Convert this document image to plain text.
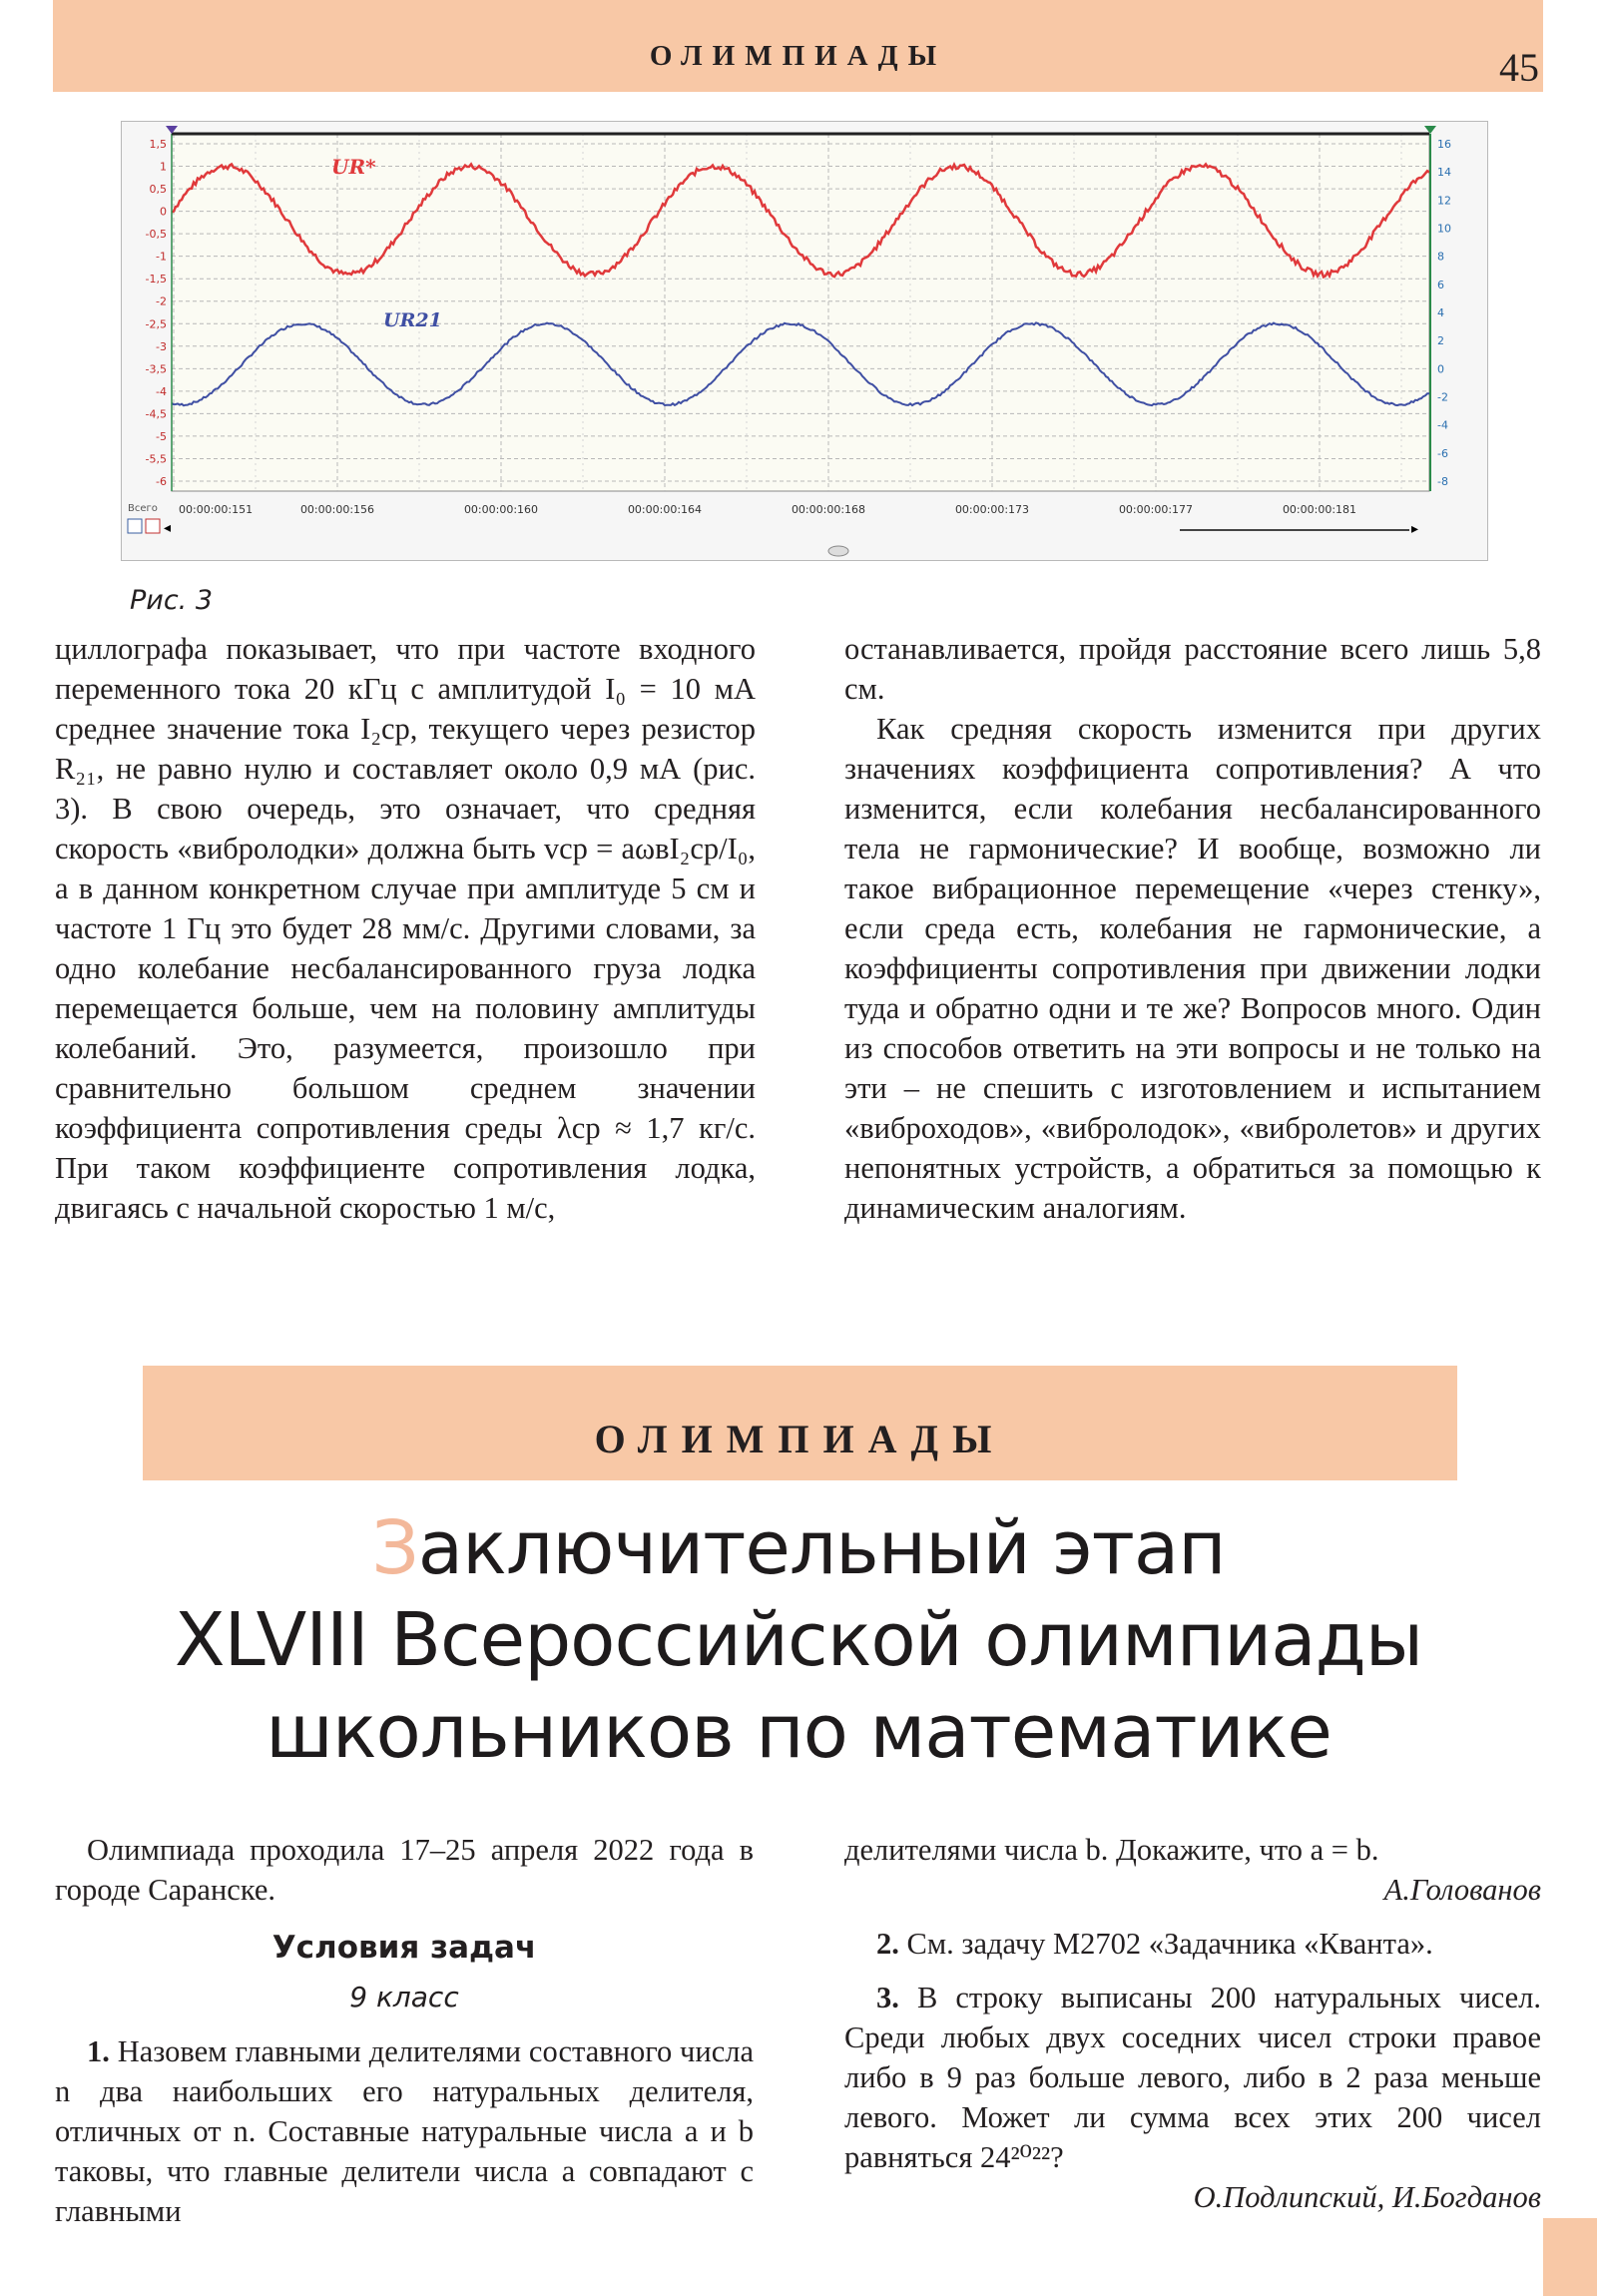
ОЛИМПИАДЫ	45
1,5
1
0,5
0
-0,5
-1
-1,5
-2
-2,5
-3
-3,5
-4
-4,5
-5
-5,5
-6
16
14
12
10
8
6
4
2
0
-2
-4
-6
-8
00:00:00:151	00:00:00:156	00:00:00:160	00:00:00:164	00:00:00:168	00:00:00:173	00:00:00:177	00:00:00:181
UR*
UR21
Всего
◂	▸
Рис. 3

циллографа показывает, что при частоте входного переменного тока 20 кГц с амплитудой I₀ = 10 мА среднее значение тока I₂ср, текущего через резистор R₂₁, не равно нулю и составляет около 0,9 мА (рис. 3). В свою очередь, это означает, что средняя скорость «вибролодки» должна быть vср = aωвI₂ср/I₀, а в данном конкретном случае при амплитуде 5 см и частоте 1 Гц это будет 28 мм/с. Другими словами, за одно колебание несбалансированного груза лодка перемещается больше, чем на половину амплитуды колебаний. Это, разумеется, произошло при сравнительно большом среднем значении коэффициента сопротивления среды λср ≈ 1,7 кг/с. При таком коэффициенте сопротивления лодка, двигаясь с начальной скоростью 1 м/с,

останавливается, пройдя расстояние всего лишь 5,8 см.

Как средняя скорость изменится при других значениях коэффициента сопротивления? А что изменится, если колебания несбалансированного тела не гармонические? И вообще, возможно ли такое вибрационное перемещение «через стенку», если среда есть, колебания не гармонические, а коэффициенты сопротивления при движении лодки туда и обратно одни и те же? Вопросов много. Один из способов ответить на эти вопросы и не только на эти – не спешить с изготовлением и испытанием «виброходов», «вибролодок», «вибролетов» и других непонятных устройств, а обратиться за помощью к динамическим аналогиям.

ОЛИМПИАДЫ
Заключительный этап
XLVIII Всероссийской олимпиады
школьников по математике

Олимпиада проходила 17–25 апреля 2022 года в городе Саранске.

Условия задач
9 класс

1. Назовем главными делителями составного числа n два наибольших его натуральных делителя, отличных от n. Составные натуральные числа a и b таковы, что главные делители числа a совпадают с главными

делителями числа b. Докажите, что a = b.

А.Голованов

2. См. задачу М2702 «Задачника «Кванта».

3. В строку выписаны 200 натуральных чисел. Среди любых двух соседних чисел строки правое либо в 9 раз больше левого, либо в 2 раза меньше левого. Может ли сумма всех этих 200 чисел равняться 24²⁰²²?

О.Подлипский, И.Богданов
